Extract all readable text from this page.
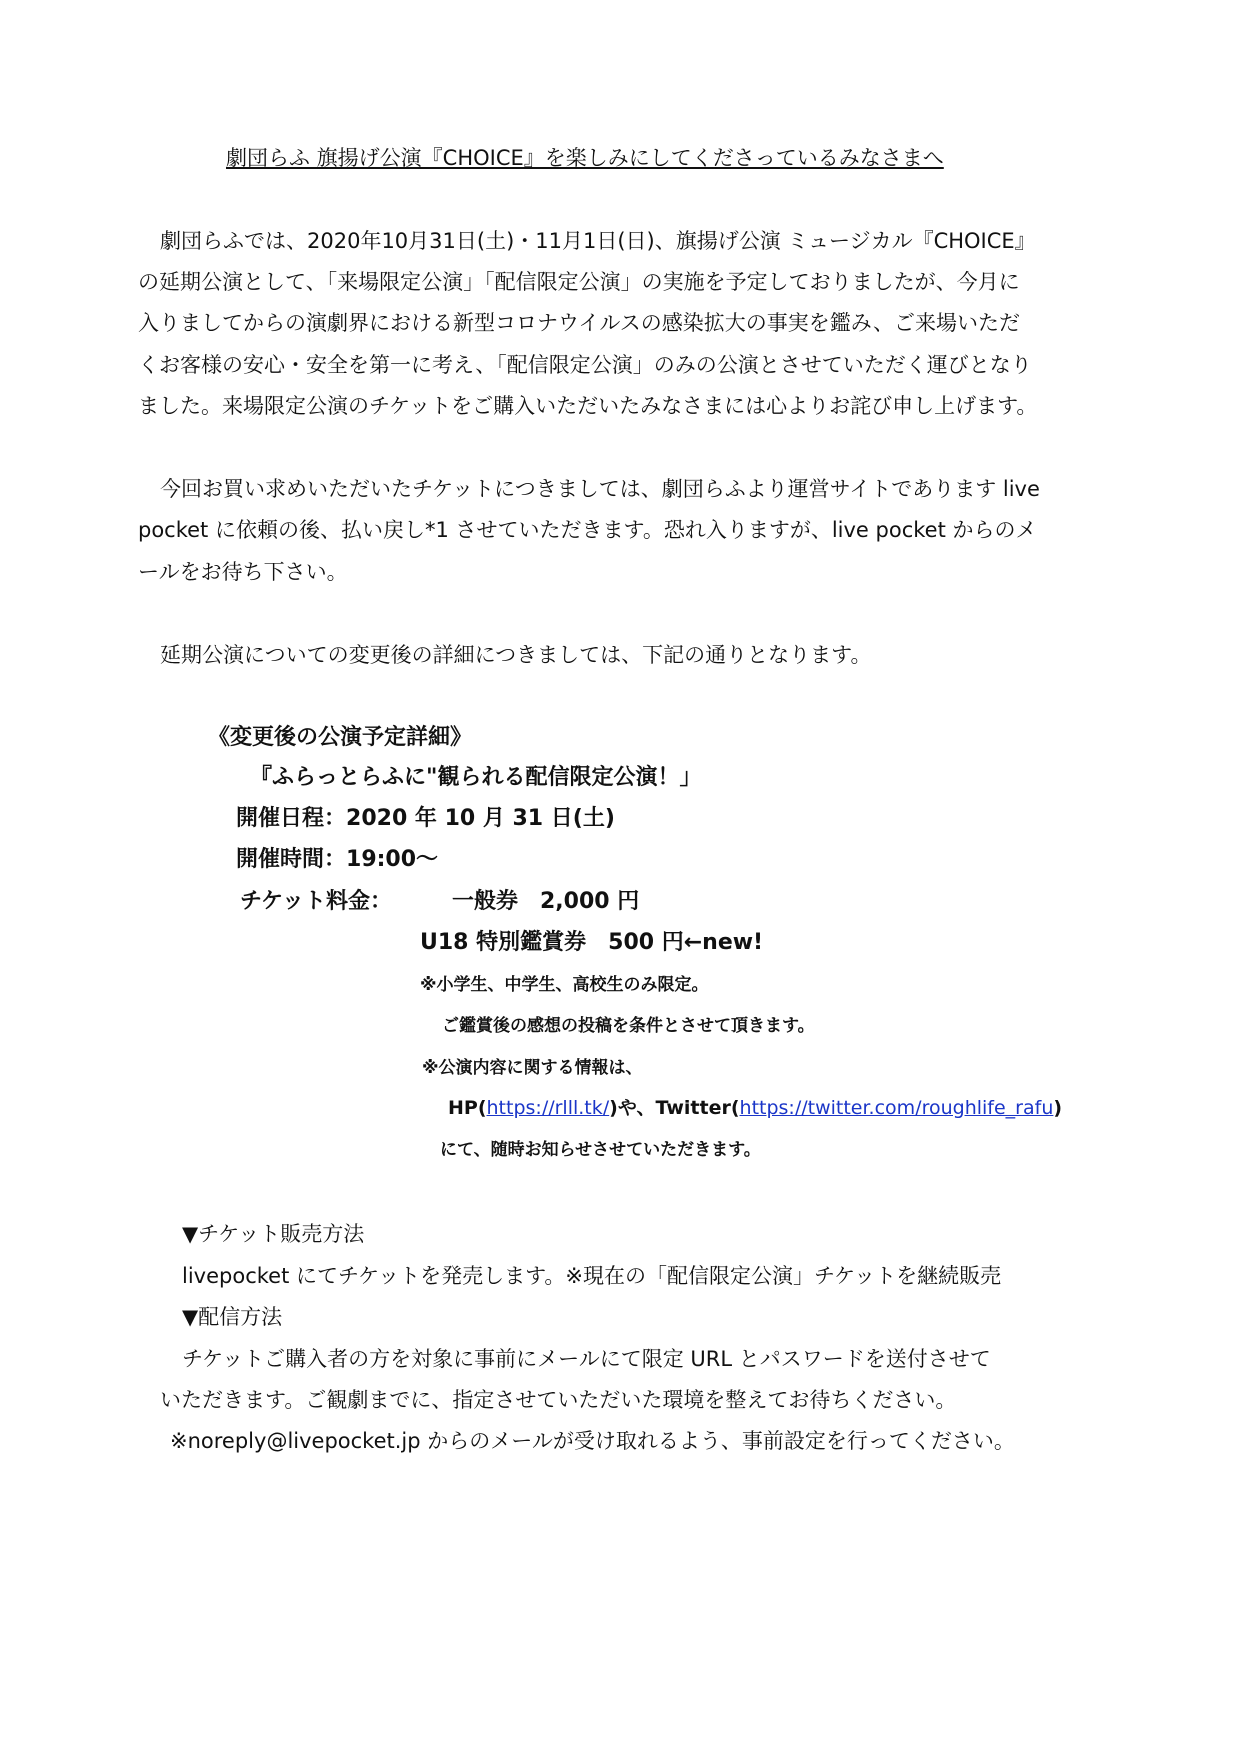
劇団らふ 旗揚げ公演『CHOICE』を楽しみにしてくださっているみなさまへ
劇団らふでは、2020年10月31日(土)・11月1日(日)、旗揚げ公演 ミュージカル『CHOICE』
の延期公演として、「来場限定公演」「配信限定公演」の実施を予定しておりましたが、今月に
入りましてからの演劇界における新型コロナウイルスの感染拡大の事実を鑑み、ご来場いただ
くお客様の安心・安全を第一に考え、「配信限定公演」のみの公演とさせていただく運びとなり
ました。来場限定公演のチケットをご購入いただいたみなさまには心よりお詫び申し上げます。
今回お買い求めいただいたチケットにつきましては、劇団らふより運営サイトであります live
pocket に依頼の後、払い戻し*1 させていただきます。恐れ入りますが、live pocket からのメ
ールをお待ち下さい。
延期公演についての変更後の詳細につきましては、下記の通りとなります。
《変更後の公演予定詳細》
『ふらっとらふに"観られる配信限定公演！」
開催日程：2020 年 10 月 31 日(土)
開催時間：19:00～
チケット料金：	一般券　2,000 円
U18 特別鑑賞券　500 円←new!
※小学生、中学生、高校生のみ限定。
ご鑑賞後の感想の投稿を条件とさせて頂きます。
※公演内容に関する情報は、
HP(https://rlll.tk/)や、Twitter(https://twitter.com/roughlife_rafu)
にて、随時お知らせさせていただきます。
▼チケット販売方法
livepocket にてチケットを発売します。※現在の「配信限定公演」チケットを継続販売
▼配信方法
チケットご購入者の方を対象に事前にメールにて限定 URL とパスワードを送付させて
いただきます。ご観劇までに、指定させていただいた環境を整えてお待ちください。
※noreply@livepocket.jp からのメールが受け取れるよう、事前設定を行ってください。
